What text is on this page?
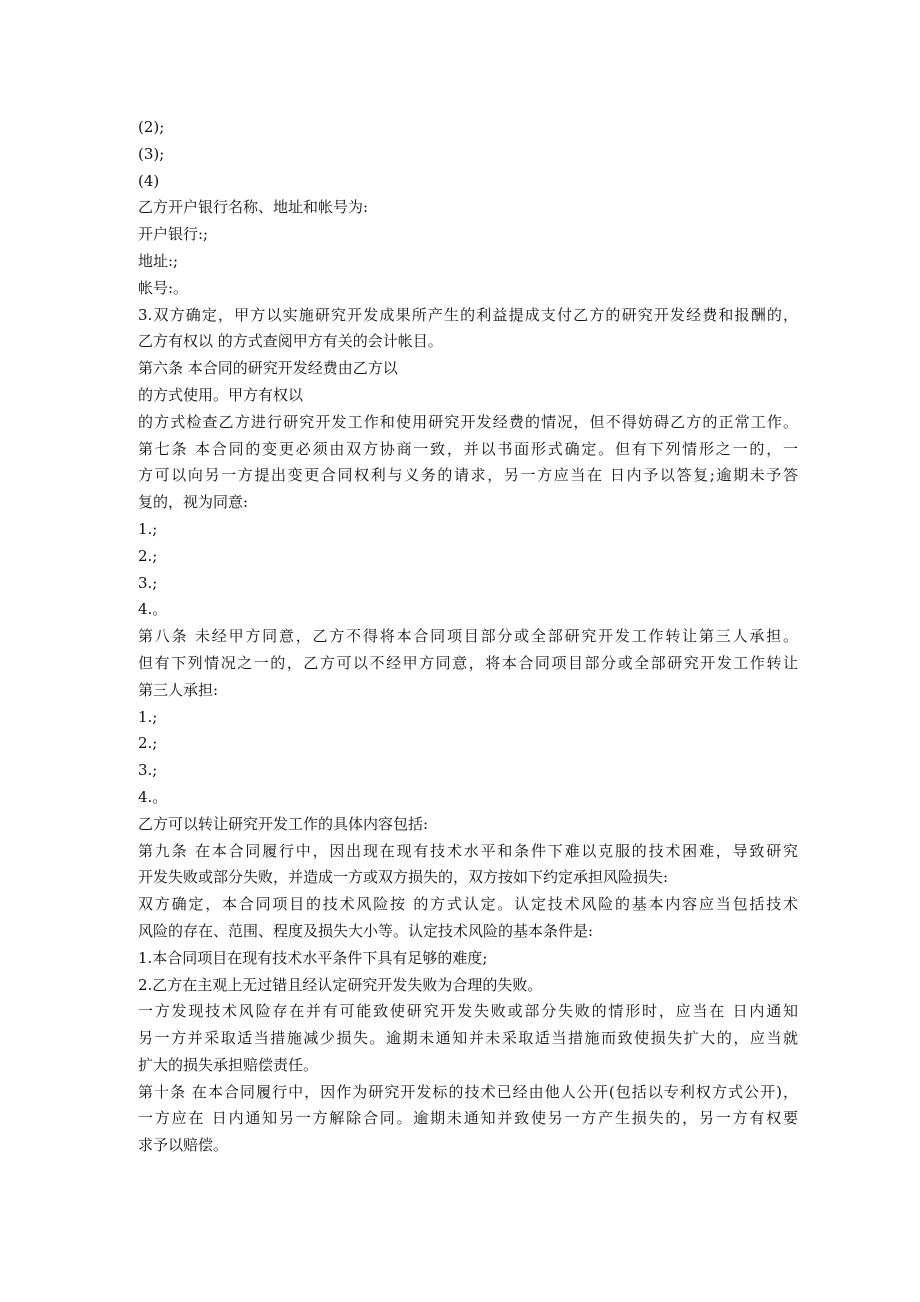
(2);
(3);
(4)
乙方开户银行名称、地址和帐号为:
开户银行:;
地址:;
帐号:。
3.双方确定，甲方以实施研究开发成果所产生的利益提成支付乙方的研究开发经费和报酬的，
乙方有权以 的方式查阅甲方有关的会计帐目。
第六条 本合同的研究开发经费由乙方以
的方式使用。甲方有权以
的方式检查乙方进行研究开发工作和使用研究开发经费的情况，但不得妨碍乙方的正常工作。
第七条 本合同的变更必须由双方协商一致，并以书面形式确定。但有下列情形之一的，一
方可以向另一方提出变更合同权利与义务的请求，另一方应当在 日内予以答复;逾期未予答
复的，视为同意:
1.;
2.;
3.;
4.。
第八条 未经甲方同意，乙方不得将本合同项目部分或全部研究开发工作转让第三人承担。
但有下列情况之一的，乙方可以不经甲方同意，将本合同项目部分或全部研究开发工作转让
第三人承担:
1.;
2.;
3.;
4.。
乙方可以转让研究开发工作的具体内容包括:
第九条 在本合同履行中，因出现在现有技术水平和条件下难以克服的技术困难，导致研究
开发失败或部分失败，并造成一方或双方损失的，双方按如下约定承担风险损失:
双方确定，本合同项目的技术风险按 的方式认定。认定技术风险的基本内容应当包括技术
风险的存在、范围、程度及损失大小等。认定技术风险的基本条件是:
1.本合同项目在现有技术水平条件下具有足够的难度;
2.乙方在主观上无过错且经认定研究开发失败为合理的失败。
一方发现技术风险存在并有可能致使研究开发失败或部分失败的情形时，应当在 日内通知
另一方并采取适当措施减少损失。逾期未通知并未采取适当措施而致使损失扩大的，应当就
扩大的损失承担赔偿责任。
第十条 在本合同履行中，因作为研究开发标的技术已经由他人公开(包括以专利权方式公开)，
一方应在 日内通知另一方解除合同。逾期未通知并致使另一方产生损失的，另一方有权要
求予以赔偿。
